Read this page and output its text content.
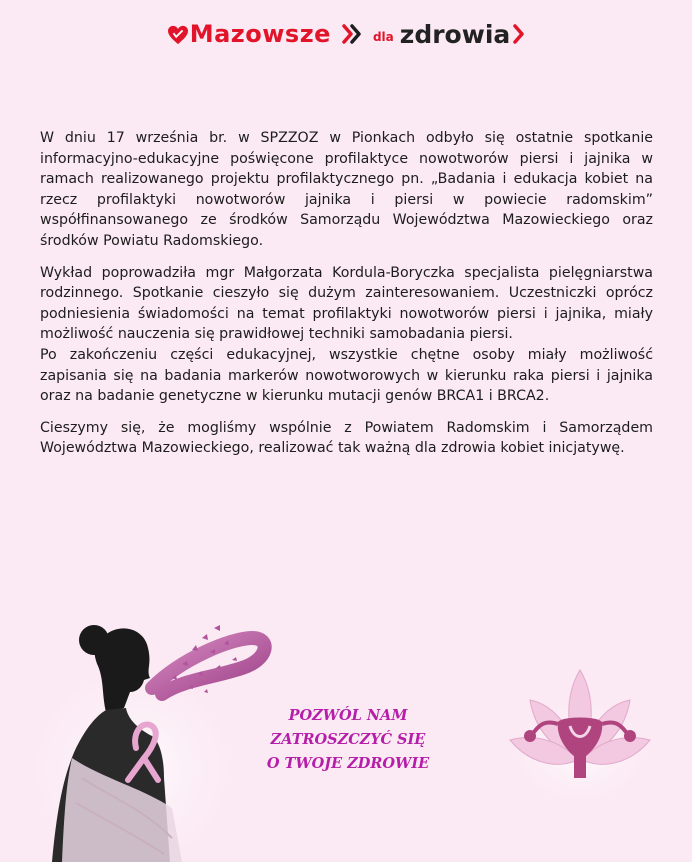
Mazowsze	dla zdrowia

W dniu 17 września br. w SPZZOZ w Pionkach odbyło się ostatnie spotkanie informacyjno-edukacyjne poświęcone profilaktyce nowotworów piersi i jajnika w ramach realizowanego projektu profilaktycznego pn. „Badania i edukacja kobiet na rzecz profilaktyki nowotworów jajnika i piersi w powiecie radomskim” współfinansowanego ze środków Samorządu Województwa Mazowieckiego oraz środków Powiatu Radomskiego.

Wykład poprowadziła mgr Małgorzata Kordula-Boryczka specjalista pielęgniarstwa rodzinnego. Spotkanie cieszyło się dużym zainteresowaniem. Uczestniczki oprócz podniesienia świadomości na temat profilaktyki nowotworów piersi i jajnika, miały możliwość nauczenia się prawidłowej techniki samobadania piersi.

Po zakończeniu części edukacyjnej, wszystkie chętne osoby miały możliwość zapisania się na badania markerów nowotworowych w kierunku raka piersi i jajnika oraz na badanie genetyczne w kierunku mutacji genów BRCA1 i BRCA2.

Cieszymy się, że mogliśmy wspólnie z Powiatem Radomskim i Samorządem Województwa Mazowieckiego, realizować tak ważną dla zdrowia kobiet inicjatywę.

POZWÓL NAM
ZATROSZCZYĆ SIĘ
O TWOJE ZDROWIE
